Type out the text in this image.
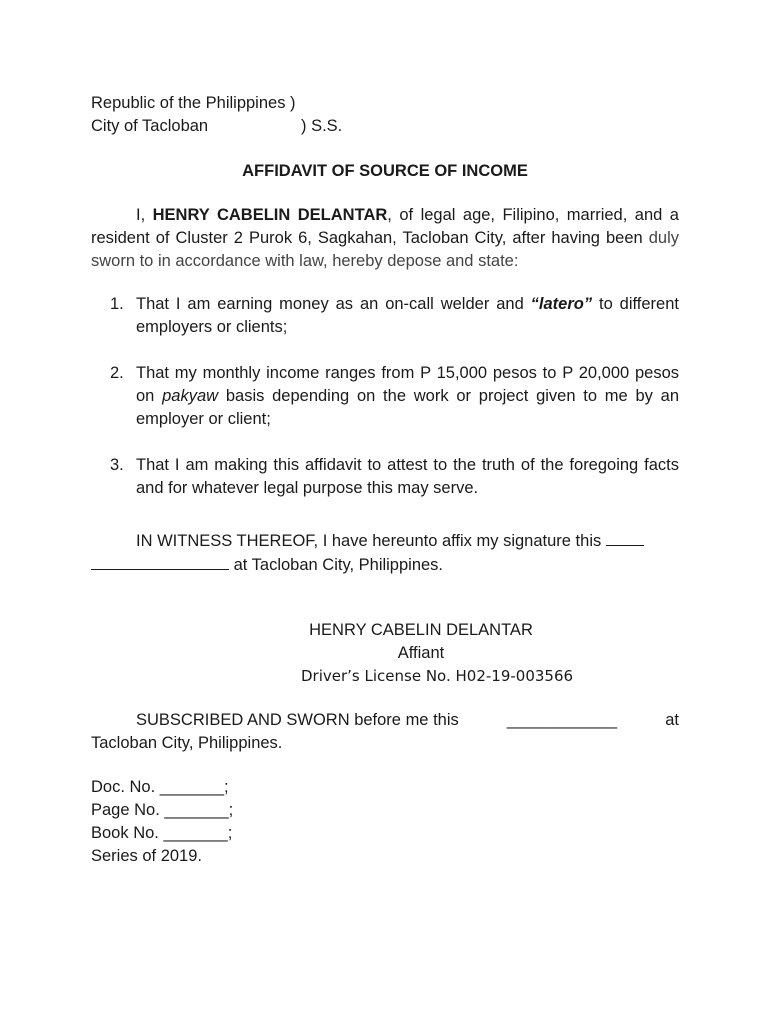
Republic of the Philippines )
City of Tacloban	) S.S.
AFFIDAVIT OF SOURCE OF INCOME
I, HENRY CABELIN DELANTAR, of legal age, Filipino, married, and a resident of Cluster 2 Purok 6, Sagkahan, Tacloban City, after having been duly sworn to in accordance with law, hereby depose and state:
1. That I am earning money as an on-call welder and “latero” to different employers or clients;
2. That my monthly income ranges from P 15,000 pesos to P 20,000 pesos on pakyaw basis depending on the work or project given to me by an employer or client;
3. That I am making this affidavit to attest to the truth of the foregoing facts and for whatever legal purpose this may serve.
IN WITNESS THEREOF, I have hereunto affix my signature this
at Tacloban City, Philippines.
HENRY CABELIN DELANTAR
Affiant
Driver’s License No. H02-19-003566
SUBSCRIBED AND SWORN before me this	____________	at
Tacloban City, Philippines.
Doc. No. _______;
Page No. _______;
Book No. _______;
Series of 2019.
